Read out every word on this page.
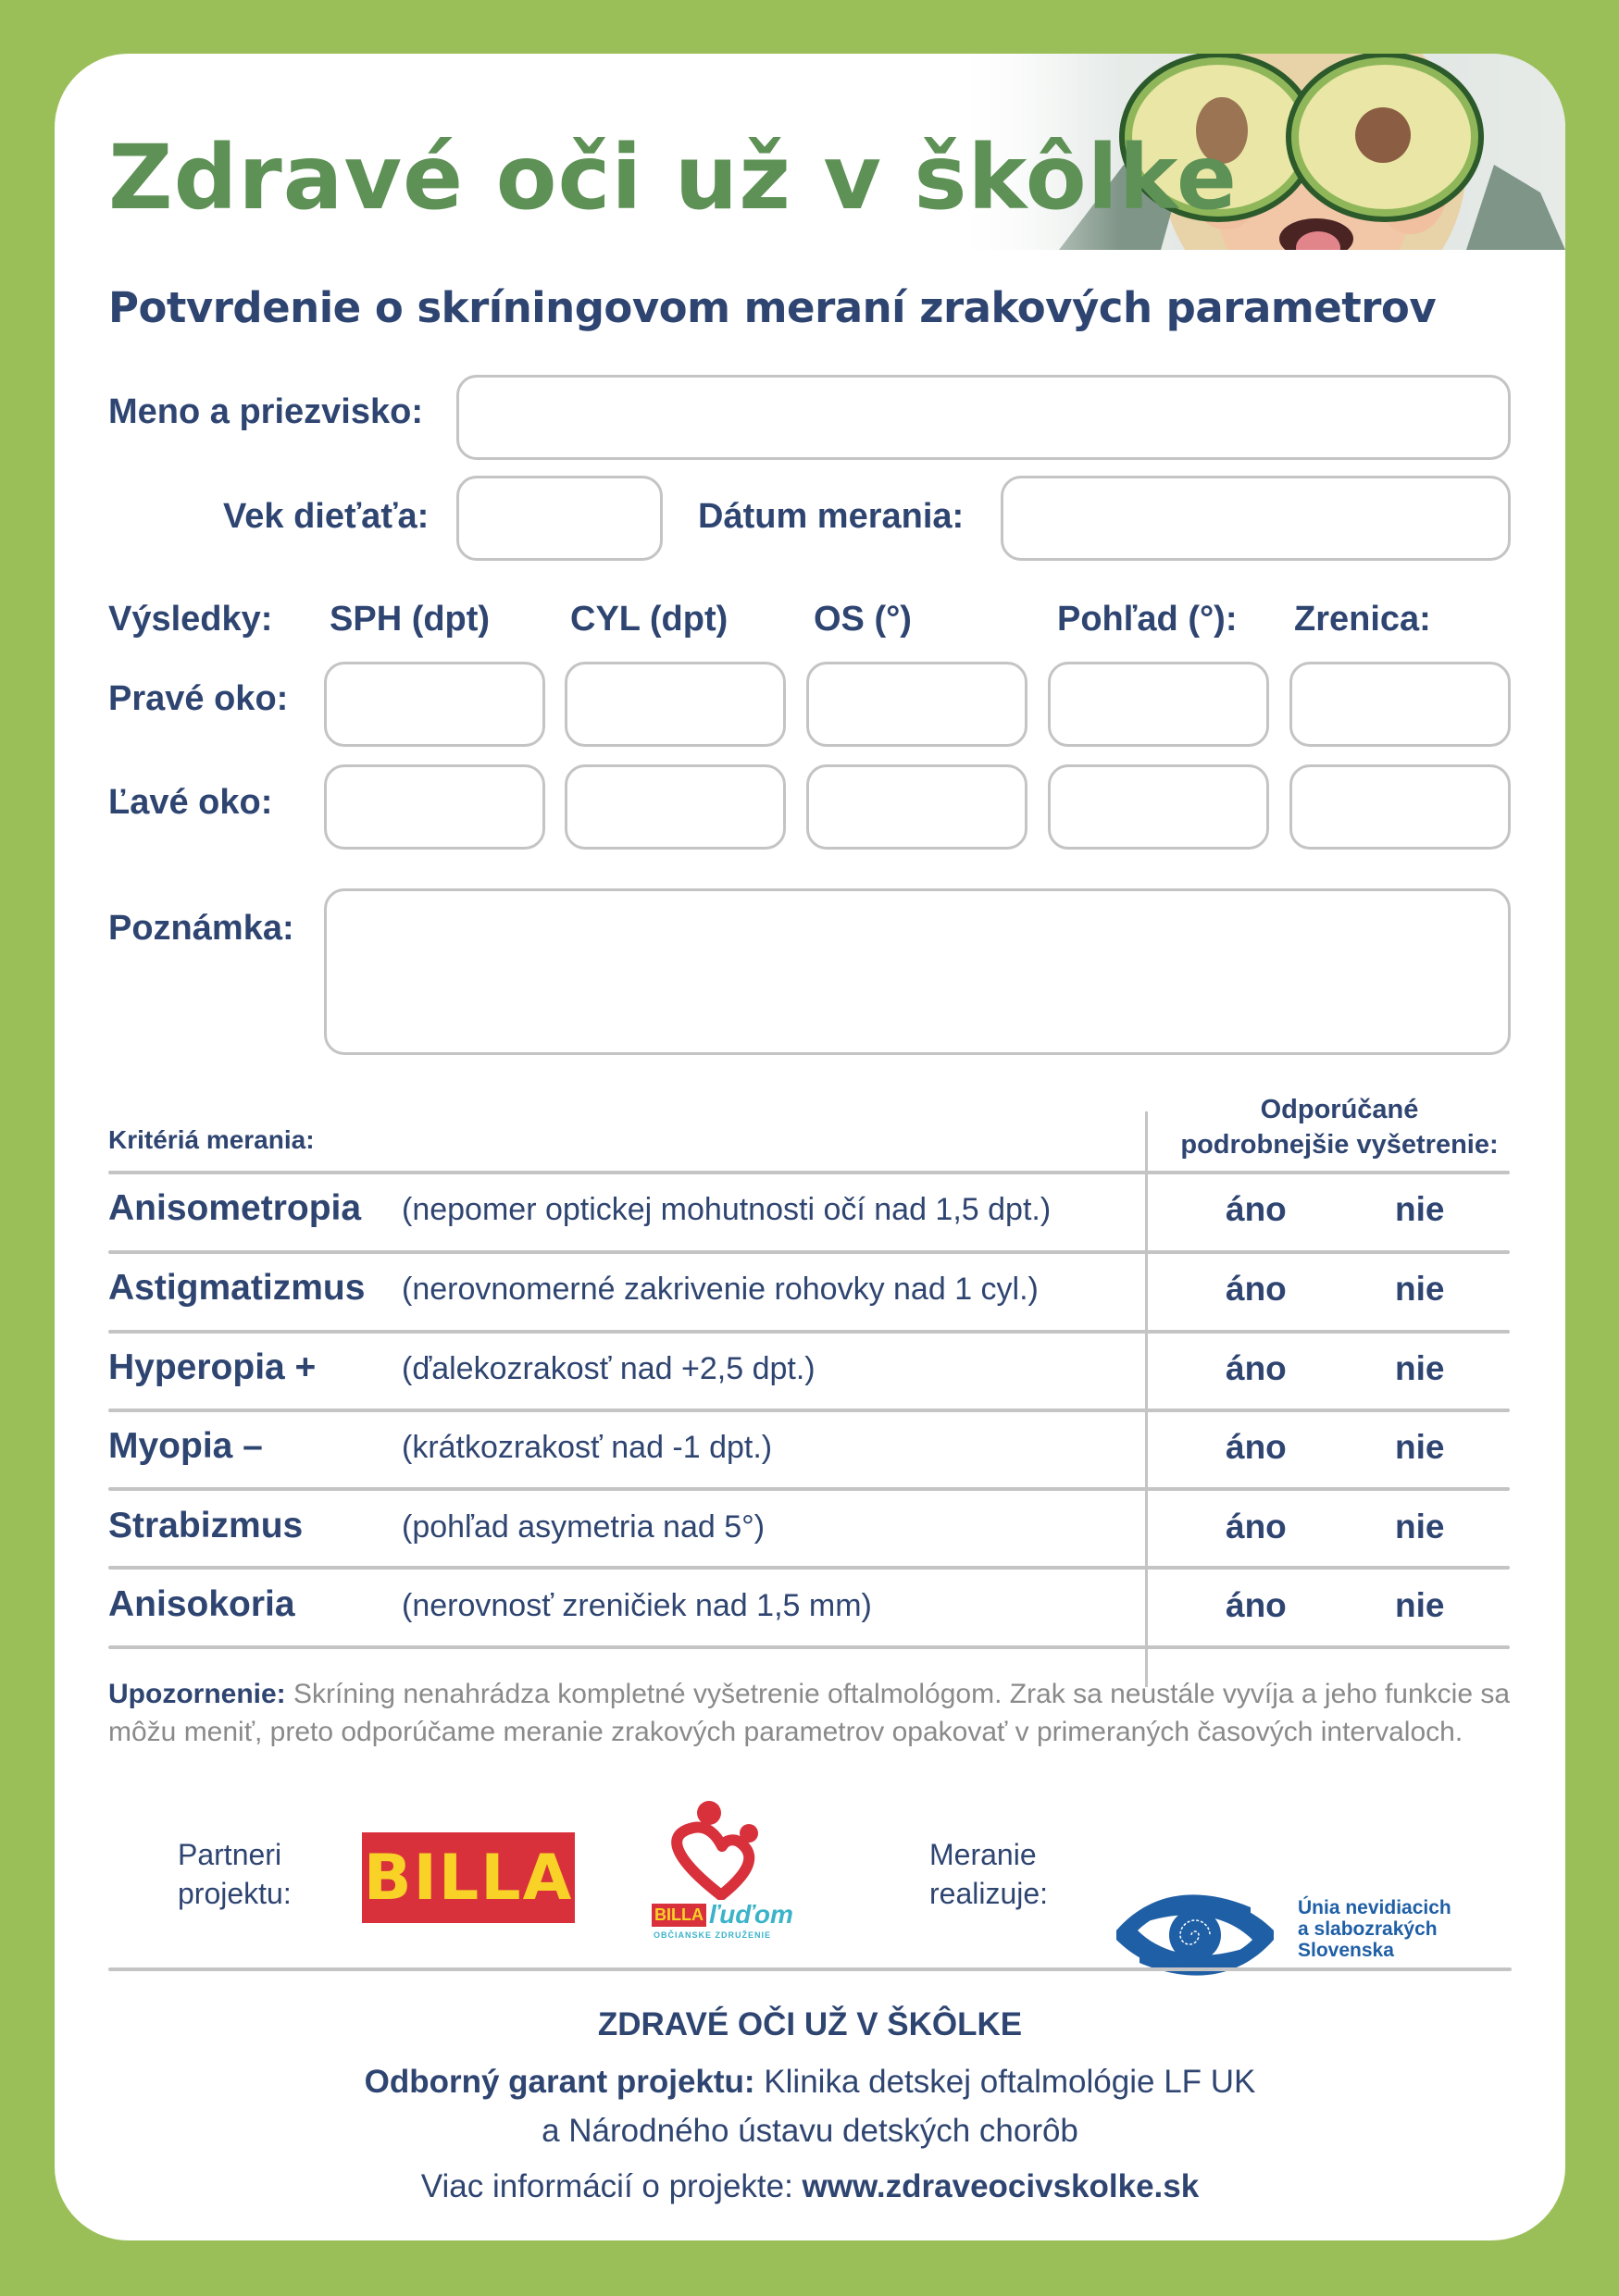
Zdravé oči už v škôlke
Potvrdenie o skríningovom meraní zrakových parametrov
Meno a priezvisko:
Vek dieťaťa:	Dátum merania:
Výsledky: SPH (dpt) CYL (dpt) OS (°)	Pohľad (°): Zrenica:
Pravé oko:
Ľavé oko:
Poznámka:
Kritériá merania:
Odporúčané
podrobnejšie vyšetrenie:
Anisometropia (nepomer optickej mohutnosti očí nad 1,5 dpt.)	áno	nie
Astigmatizmus (nerovnomerné zakrivenie rohovky nad 1 cyl.)	áno	nie
Hyperopia +	(ďalekozrakosť nad +2,5 dpt.)	áno	nie
Myopia –	(krátkozrakosť nad -1 dpt.)	áno	nie
Strabizmus	(pohľad asymetria nad 5°)	áno	nie
Anisokoria	(nerovnosť zreničiek nad 1,5 mm)	áno	nie
Upozornenie: Skríning nenahrádza kompletné vyšetrenie oftalmológom. Zrak sa neustále vyvíja a jeho funkcie sa môžu meniť, preto odporúčame meranie zrakových parametrov opakovať v primeraných časových intervaloch.
Partneri
projektu: BILLA	BILLA ľuďom
OBČIANSKE ZDRUŽENIE
Meranie
realizuje:	Únia nevidiacich
a slabozrakých
Slovenska
ZDRAVÉ OČI UŽ V ŠKÔLKE
Odborný garant projektu: Klinika detskej oftalmológie LF UK
a Národného ústavu detských chorôb
Viac informácií o projekte: www.zdraveocivskolke.sk
